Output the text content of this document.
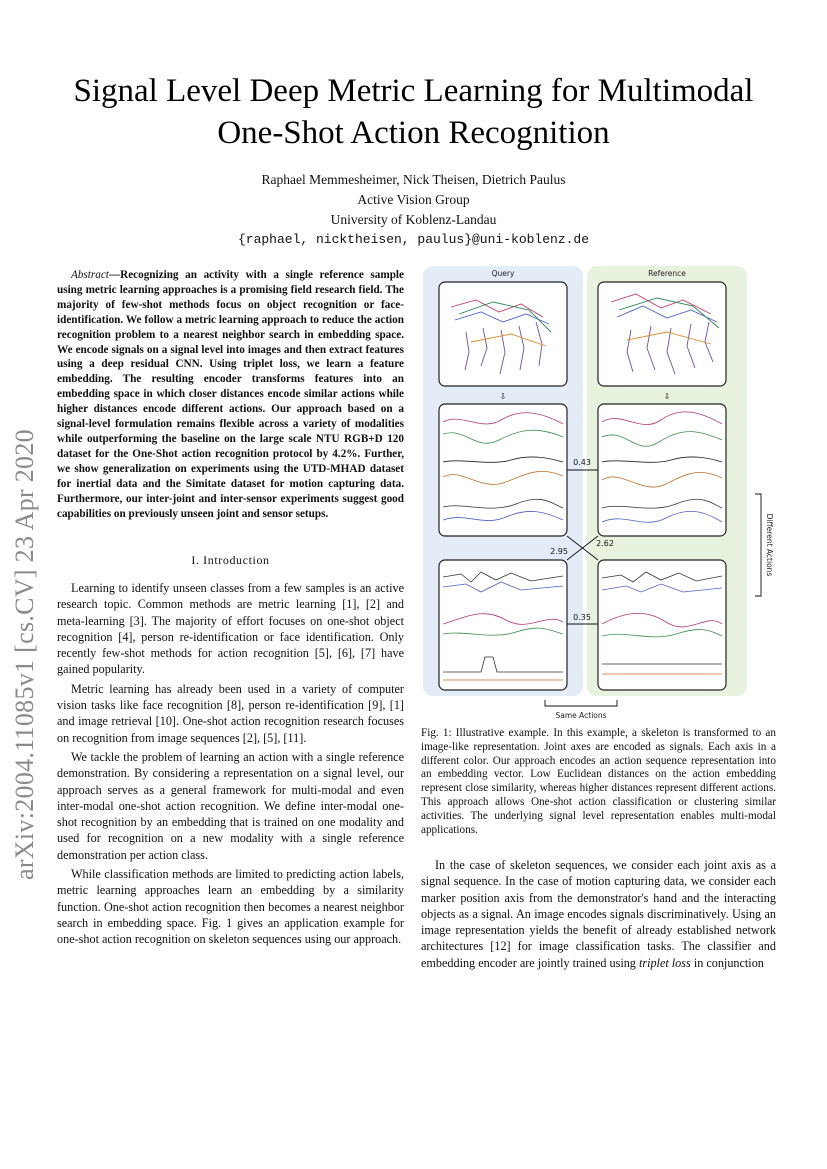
Signal Level Deep Metric Learning for Multimodal
One-Shot Action Recognition
Raphael Memmesheimer, Nick Theisen, Dietrich Paulus
Active Vision Group
University of Koblenz-Landau
{raphael, nicktheisen, paulus}@uni-koblenz.de
arXiv:2004.11085v1 [cs.CV] 23 Apr 2020
Abstract—Recognizing an activity with a single reference sample using metric learning approaches is a promising field research field. The majority of few-shot methods focus on object recognition or face-identification. We follow a metric learning approach to reduce the action recognition problem to a nearest neighbor search in embedding space. We encode signals on a signal level into images and then extract features using a deep residual CNN. Using triplet loss, we learn a feature embedding. The resulting encoder transforms features into an embedding space in which closer distances encode similar actions while higher distances encode different actions. Our approach based on a signal-level formulation remains flexible across a variety of modalities while outperforming the baseline on the large scale NTU RGB+D 120 dataset for the One-Shot action recognition protocol by 4.2%. Further, we show generalization on experiments using the UTD-MHAD dataset for inertial data and the Simitate dataset for motion capturing data. Furthermore, our inter-joint and inter-sensor experiments suggest good capabilities on previously unseen joint and sensor setups.
I. Introduction

Learning to identify unseen classes from a few samples is an active research topic. Common methods are metric learning [1], [2] and meta-learning [3]. The majority of effort focuses on one-shot object recognition [4], person re-identification or face identification. Only recently few-shot methods for action recognition [5], [6], [7] have gained popularity.

Metric learning has already been used in a variety of computer vision tasks like face recognition [8], person re-identification [9], [1] and image retrieval [10]. One-shot action recognition research focuses on recognition from image sequences [2], [5], [11].

We tackle the problem of learning an action with a single reference demonstration. By considering a representation on a signal level, our approach serves as a general framework for multi-modal and even inter-modal one-shot action recognition. We define inter-modal one-shot recognition by an embedding that is trained on one modality and used for recognition on a new modality with a single reference demonstration per action class.

While classification methods are limited to predicting action labels, metric learning approaches learn an embedding by a similarity function. One-shot action recognition then becomes a nearest neighbor search in embedding space. Fig. 1 gives an application example for one-shot action recognition on skeleton sequences using our approach.

Query	Reference
⇩	⇩
0.43
0.35
2.95
2.62	Different Actions
Same Actions
Fig. 1: Illustrative example. In this example, a skeleton is transformed to an image-like representation. Joint axes are encoded as signals. Each axis in a different color. Our approach encodes an action sequence representation into an embedding vector. Low Euclidean distances on the action embedding represent close similarity, whereas higher distances represent different actions. This approach allows One-shot action classification or clustering similar activities. The underlying signal level representation enables multi-modal applications.

In the case of skeleton sequences, we consider each joint axis as a signal sequence. In the case of motion capturing data, we consider each marker position axis from the demonstrator's hand and the interacting objects as a signal. An image encodes signals discriminatively. Using an image representation yields the benefit of already established network architectures [12] for image classification tasks. The classifier and embedding encoder are jointly trained using triplet loss in conjunction
